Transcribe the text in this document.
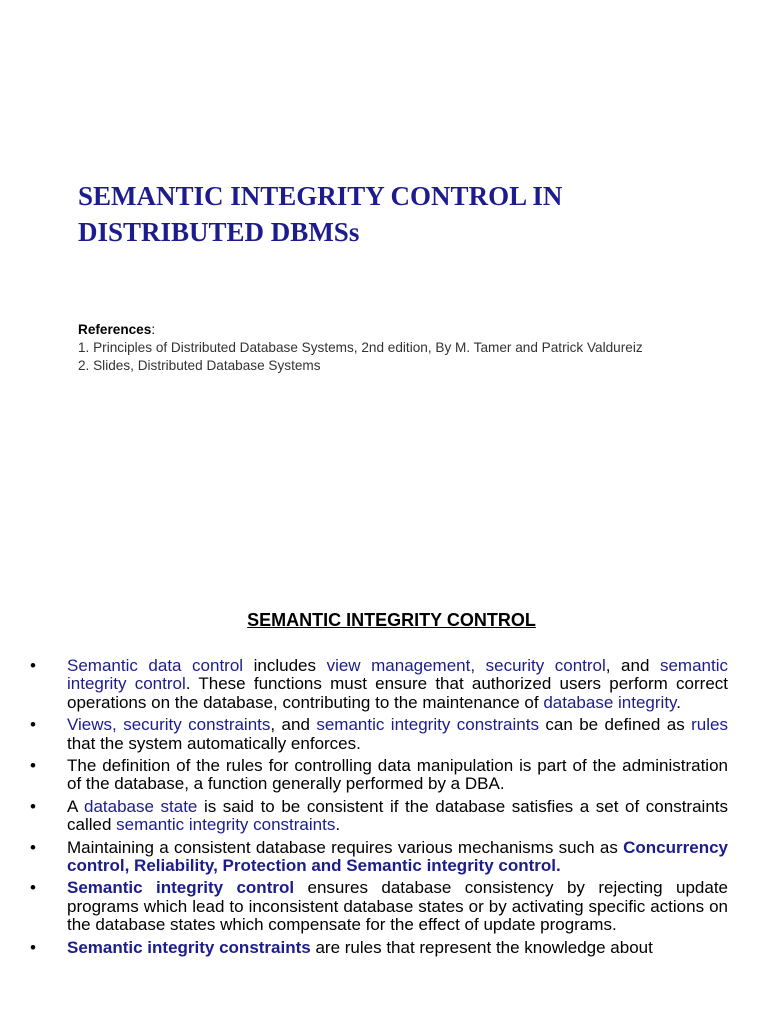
SEMANTIC INTEGRITY CONTROL IN
DISTRIBUTED DBMSs
References:
1. Principles of Distributed Database Systems, 2nd edition, By M. Tamer and Patrick Valdureiz
2. Slides, Distributed Database Systems
SEMANTIC INTEGRITY CONTROL
• Semantic data control includes view management, security control, and semantic integrity control. These functions must ensure that authorized users perform correct operations on the database, contributing to the maintenance of database integrity.
• Views, security constraints, and semantic integrity constraints can be defined as rules that the system automatically enforces.
• The definition of the rules for controlling data manipulation is part of the administration of the database, a function generally performed by a DBA.
• A database state is said to be consistent if the database satisfies a set of constraints called semantic integrity constraints.
• Maintaining a consistent database requires various mechanisms such as Concurrency control, Reliability, Protection and Semantic integrity control.
• Semantic integrity control ensures database consistency by rejecting update programs which lead to inconsistent database states or by activating specific actions on the database states which compensate for the effect of update programs.
• Semantic integrity constraints are rules that represent the knowledge about
